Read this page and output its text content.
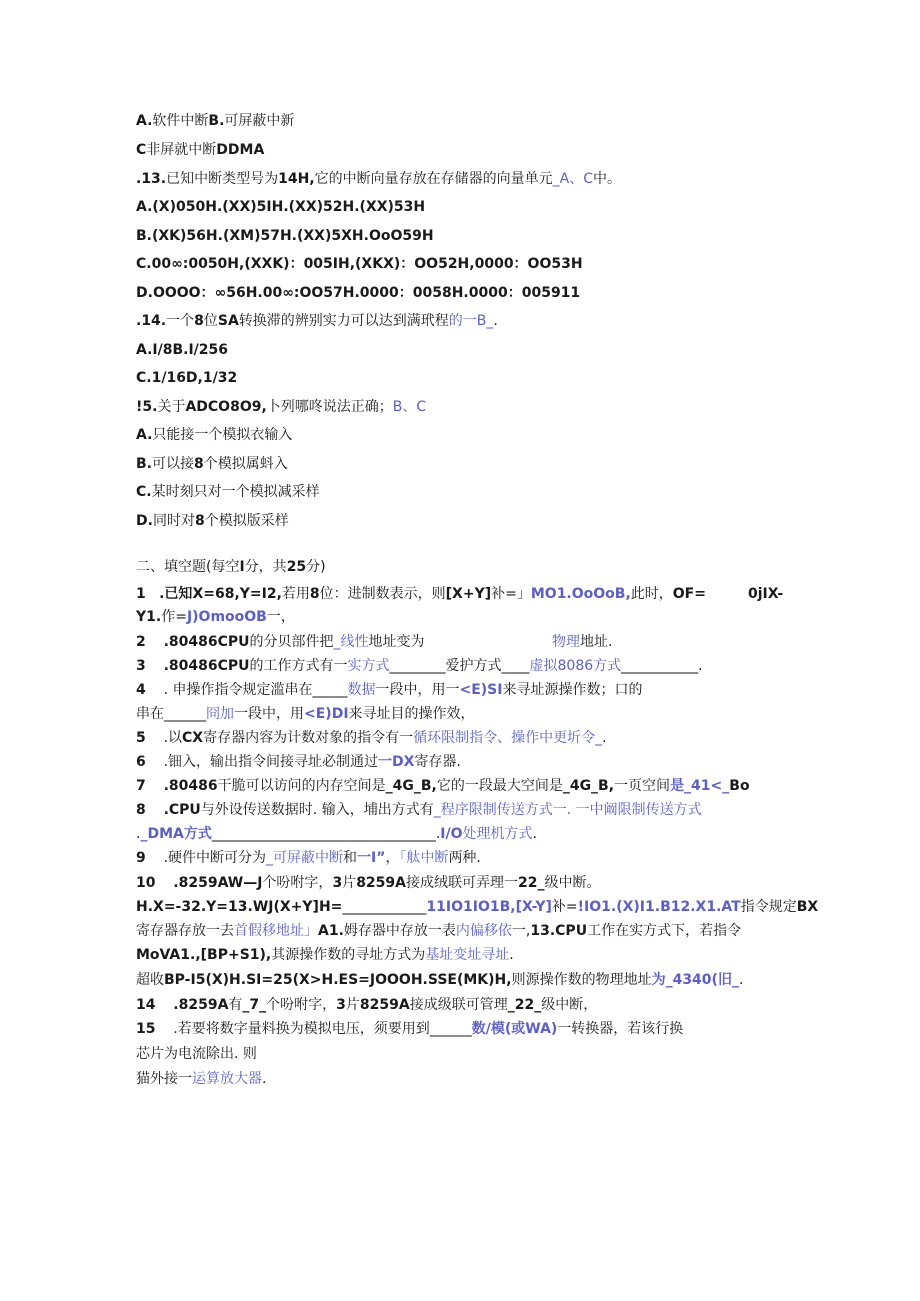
A.软件中断B.可屏蔽中新
C非屏就中断DDMA
.13.已知中断类型号为14H,它的中断向量存放在存储器的向量单元_A、C中。
A.(X)050H.(XX)5IH.(XX)52H.(XX)53H
B.(XK)56H.(XM)57H.(XX)5XH.OoO59H
C.00∞:0050H,(XXK)：005IH,(XKX)：OO52H,0000：OO53H
D.OOOO：∞56H.00∞:OO57H.0000：0058H.0000：005911
.14.一个8位SA转换滞的辨别实力可以达到满玳程的一B_.
A.I/8B.I/256
C.1/16D,1/32
!5.关于ADCO8O9,卜列哪咚说法正确；B、C
A.只能接一个模拟衣输入
B.可以接8个模拟属蚪入
C.某时刻只对一个模拟减采样
D.同时对8个模拟版采样
二、填空题(每空I分，共25分)
1 .已知X=68,Y=I2,若用8位：进制数表示，则[X+Y]补=」MO1.OoOoB,此时，OF=	0jIX-
Y1.作=J)OmooOB一，
2 .80486CPU的分贝部件把_线性地址变为	物理地址.
3 .80486CPU的工作方式有一实方式________爱护方式____虚拟8086方式___________.
4 . 申操作指令规定滥串在_____数据一段中，用一<E)SI来寻址源操作数；口的
串在______冏加一段中，用<E)DI来寻址目的操作效，
5 .以CX寄存器内容为计数对象的指令有一循环限制指令、操作中更圻令_.
6 .钿入，输出指令间接寻址必制通过一DX寄存器.
7 .80486干脆可以访问的内存空间是_4G_B,它的一段最大空间是_4G_B,一页空间是_41<_Bo
8 .CPU与外设传送数据时. 输入，埔出方式有_程序限制传送方式一. 一中阚限制传送方式
._DMA方式________________________________.I/O处理机方式.
9 .硬件中断可分为_可屏蔽中断和一I”，「舦中断两种.
10 .8259AW—J个吩咐字，3片8259A接成绒联可弄理一22_级中断。
H.X=-32.Y=13.WJ(X+Y]H=____________11IO1IO1B,[X-Y]补=!IO1.(X)I1.B12.X1.AT指令规定BX
寄存器存放一去首假移地址」A1.姆存器中存放一表内偏移依一,13.CPU工作在实方式下，若指令
MoVA1.,[BP+S1),其源操作数的寻址方式为基址变址寻址.
超收BP-I5(X)H.SI=25(X>H.ES=JOOOH.SSE(MK)H,则源操作数的物理地址为_4340(旧_.
14 .8259A有_7_个吩咐字，3片8259A接成级联可管理_22_级中断，
15 .若要将数字量料换为模拟电压，须要用到______数/模(或WA)一转换器，若该行换
芯片为电流除出. 则
猫外接一运算放大器.
